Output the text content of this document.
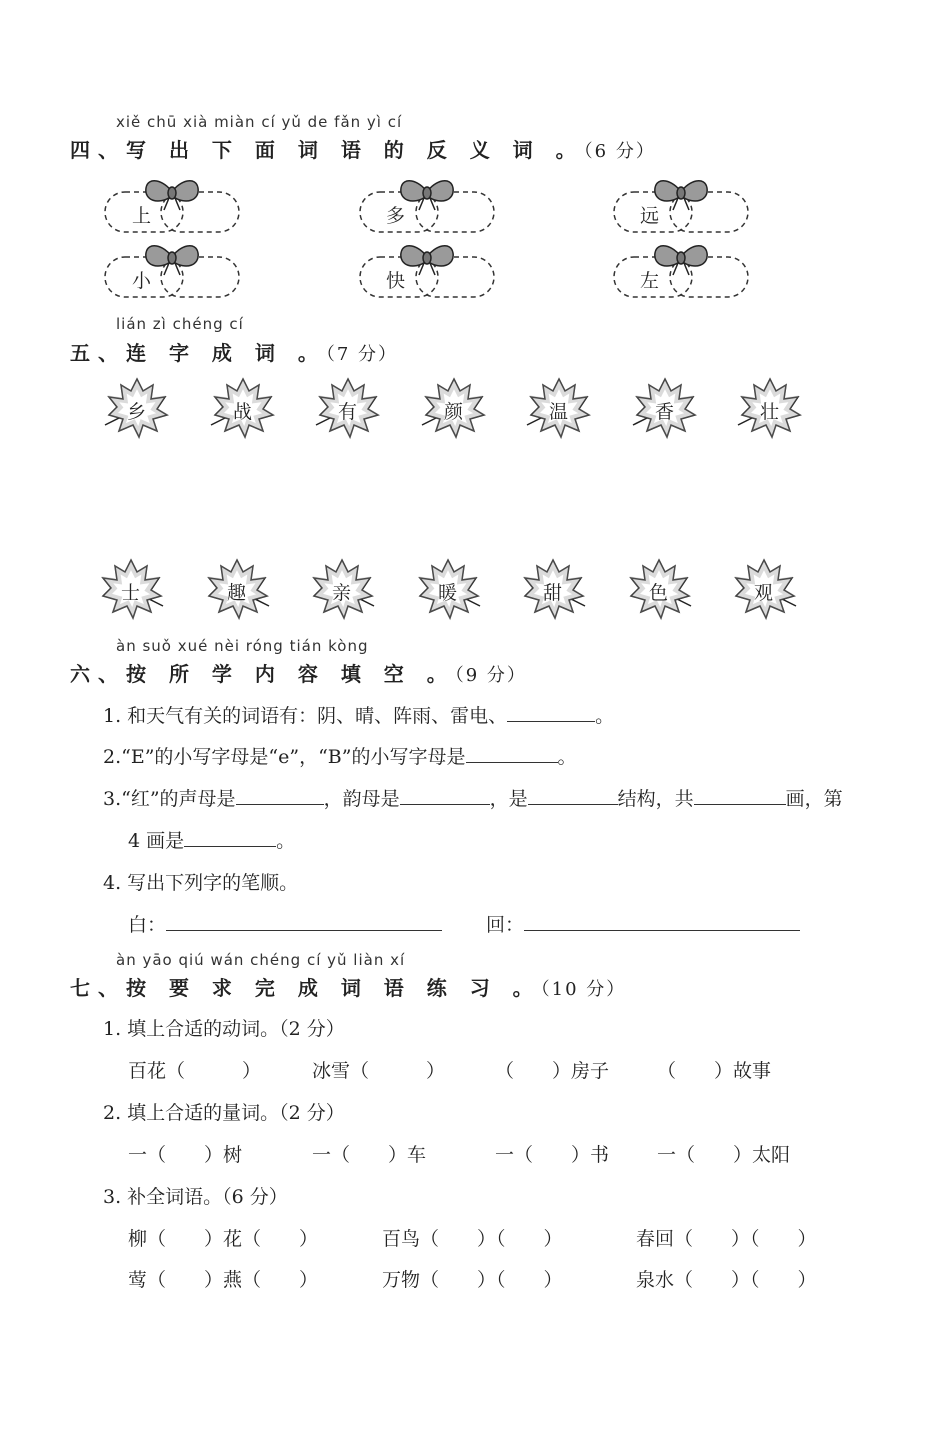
xiě chū xià miàn cí yǔ de fǎn yì cí
四、写 出 下 面 词 语 的 反 义 词 。（6 分）
上	多	远
小	快	左
lián zì chéng cí
五、连 字 成 词 。（7 分）
乡	战	有	颜	温	香	壮
士	趣	亲	暖	甜	色	观
àn suǒ xué nèi róng tián kòng
六、按 所 学 内 容 填 空 。（9 分）
1. 和天气有关的词语有：阴、晴、阵雨、雷电、	。
2.“E”的小写字母是“e”，“B”的小写字母是	。
3.“红”的声母是	，韵母是	，是	结构，共	画，第
4 画是	。
4. 写出下列字的笔顺。
白：	回：
àn yāo qiú wán chéng cí yǔ liàn xí
七、按 要 求 完 成 词 语 练 习 。（10 分）
1. 填上合适的动词。（2 分）
百花（　　　）	冰雪（　　　）	（　　）房子	（　　）故事
2. 填上合适的量词。（2 分）
一（　　）树	一（　　）车	一（　　）书	一（　　）太阳
3. 补全词语。（6 分）
柳（　　）花（　　）	百鸟（　　）（　　）	春回（　　）（　　）
莺（　　）燕（　　）	万物（　　）（　　）	泉水（　　）（　　）
